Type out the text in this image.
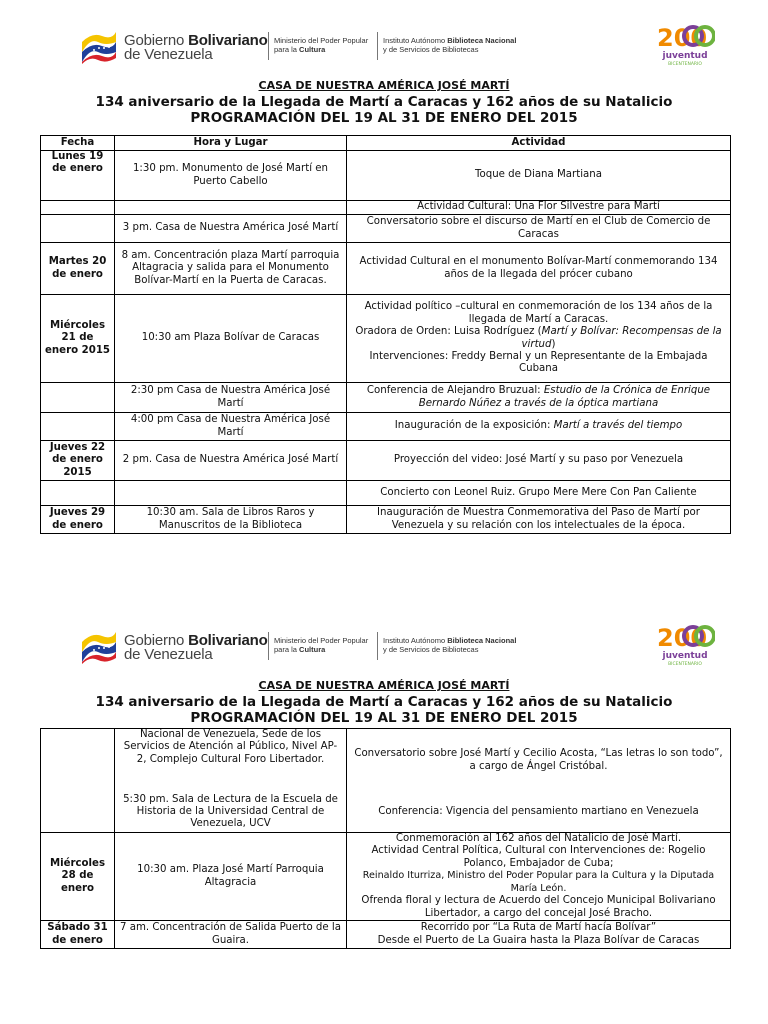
Gobierno Bolivariano
de Venezuela
Ministerio del Poder Popular
para la Cultura
Instituto Autónomo Biblioteca Nacional
y de Servicios de Bibliotecas	200
juventud
BICENTENARIO
CASA DE NUESTRA AMÉRICA JOSÉ MARTÍ
134 aniversario de la Llegada de Martí a Caracas y 162 años de su Natalicio
PROGRAMACIÓN DEL 19 AL 31 DE ENERO DEL 2015
Fecha	Hora y Lugar	Actividad
Lunes 19 de enero	1:30 pm. Monumento de José Martí en Puerto Cabello	Toque de Diana Martiana
		Actividad Cultural: Una Flor Silvestre para Martí
	3 pm. Casa de Nuestra América José Martí	Conversatorio sobre el discurso de Martí en el Club de Comercio de Caracas
Martes 20 de enero	8 am. Concentración plaza Martí parroquia Altagracia y salida para el Monumento Bolívar-Martí en la Puerta de Caracas.	Actividad Cultural en el monumento Bolívar-Martí conmemorando 134 años de la llegada del prócer cubano
Miércoles 21 de enero 2015	10:30 am Plaza Bolívar de Caracas	Actividad político –cultural en conmemoración de los 134 años de la llegada de Martí a Caracas.
Oradora de Orden: Luisa Rodríguez (Martí y Bolívar: Recompensas de la virtud)
Intervenciones: Freddy Bernal y un Representante de la Embajada Cubana
	2:30 pm Casa de Nuestra América José Martí	Conferencia de Alejandro Bruzual: Estudio de la Crónica de Enrique Bernardo Núñez a través de la óptica martiana
	4:00 pm Casa de Nuestra América José Martí	Inauguración de la exposición: Martí a través del tiempo
Jueves 22 de enero 2015	2 pm. Casa de Nuestra América José Martí	Proyección del video: José Martí y su paso por Venezuela
		Concierto con Leonel Ruiz. Grupo Mere Mere Con Pan Caliente
Jueves 29 de enero	10:30 am. Sala de Libros Raros y Manuscritos de la Biblioteca	Inauguración de Muestra Conmemorativa del Paso de Martí por Venezuela y su relación con los intelectuales de la época.
Gobierno Bolivariano
de Venezuela
Ministerio del Poder Popular
para la Cultura
Instituto Autónomo Biblioteca Nacional
y de Servicios de Bibliotecas	200
juventud
BICENTENARIO
CASA DE NUESTRA AMÉRICA JOSÉ MARTÍ
134 aniversario de la Llegada de Martí a Caracas y 162 años de su Natalicio
PROGRAMACIÓN DEL 19 AL 31 DE ENERO DEL 2015
	Nacional de Venezuela, Sede de los Servicios de Atención al Público, Nivel AP-2, Complejo Cultural Foro Libertador.	Conversatorio sobre José Martí y Cecilio Acosta, “Las letras lo son todo”, a cargo de Ángel Cristóbal.
	5:30 pm. Sala de Lectura de la Escuela de Historia de la Universidad Central de Venezuela, UCV	Conferencia: Vigencia del pensamiento martiano en Venezuela
Miércoles 28 de enero	10:30 am. Plaza José Martí Parroquia Altagracia	Conmemoración al 162 años del Natalicio de José Martí.
Actividad Central Política, Cultural con Intervenciones de: Rogelio Polanco, Embajador de Cuba;
Reinaldo Iturriza, Ministro del Poder Popular para la Cultura y la Diputada María León.
Ofrenda floral y lectura de Acuerdo del Concejo Municipal Bolivariano Libertador, a cargo del concejal José Bracho.
Sábado 31 de enero	7 am. Concentración de Salida Puerto de la Guaira.	Recorrido por “La Ruta de Martí hacía Bolívar”
Desde el Puerto de La Guaira hasta la Plaza Bolívar de Caracas
